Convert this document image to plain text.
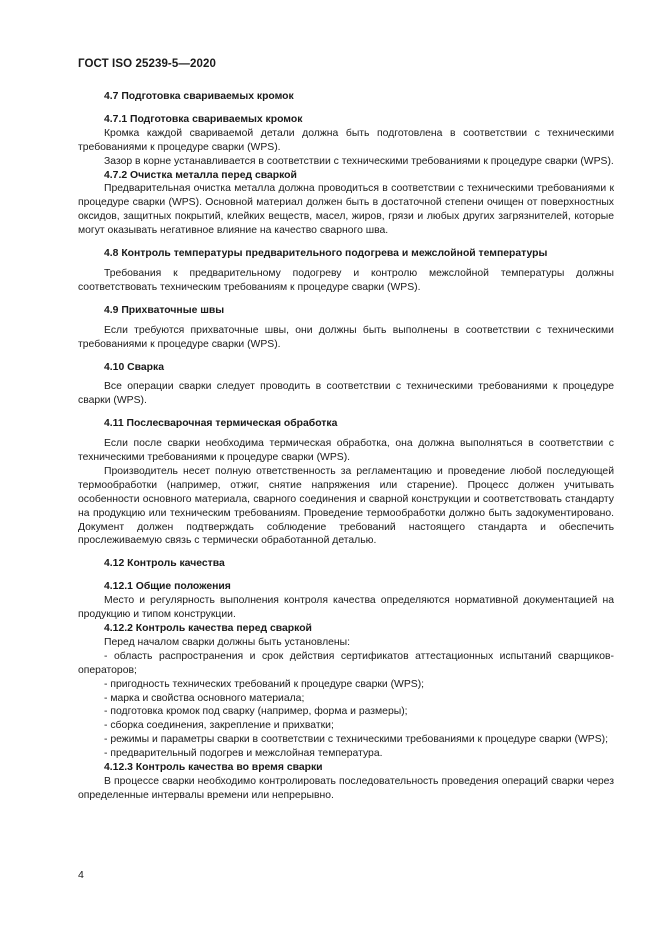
ГОСТ ISO 25239-5—2020
4.7 Подготовка свариваемых кромок
4.7.1 Подготовка свариваемых кромок

Кромка каждой свариваемой детали должна быть подготовлена в соответствии с техническими требованиями к процедуре сварки (WPS).

Зазор в корне устанавливается в соответствии с техническими требованиями к процедуре сварки (WPS).

4.7.2 Очистка металла перед сваркой

Предварительная очистка металла должна проводиться в соответствии с техническими требованиями к процедуре сварки (WPS). Основной материал должен быть в достаточной степени очищен от поверхностных оксидов, защитных покрытий, клейких веществ, масел, жиров, грязи и любых других загрязнителей, которые могут оказывать негативное влияние на качество сварного шва.

4.8 Контроль температуры предварительного подогрева и межслойной температуры

Требования к предварительному подогреву и контролю межслойной температуры должны соответствовать техническим требованиям к процедуре сварки (WPS).

4.9 Прихваточные швы

Если требуются прихваточные швы, они должны быть выполнены в соответствии с техническими требованиями к процедуре сварки (WPS).

4.10 Сварка

Все операции сварки следует проводить в соответствии с техническими требованиями к процедуре сварки (WPS).

4.11 Послесварочная термическая обработка

Если после сварки необходима термическая обработка, она должна выполняться в соответствии с техническими требованиями к процедуре сварки (WPS).

Производитель несет полную ответственность за регламентацию и проведение любой последующей термообработки (например, отжиг, снятие напряжения или старение). Процесс должен учитывать особенности основного материала, сварного соединения и сварной конструкции и соответствовать стандарту на продукцию или техническим требованиям. Проведение термообработки должно быть задокументировано. Документ должен подтверждать соблюдение требований настоящего стандарта и обеспечить прослеживаемую связь с термически обработанной деталью.

4.12 Контроль качества
4.12.1 Общие положения

Место и регулярность выполнения контроля качества определяются нормативной документацией на продукцию и типом конструкции.

4.12.2 Контроль качества перед сваркой

Перед началом сварки должны быть установлены:

- область распространения и срок действия сертификатов аттестационных испытаний сварщиков-операторов;

- пригодность технических требований к процедуре сварки (WPS);

- марка и свойства основного материала;

- подготовка кромок под сварку (например, форма и размеры);

- сборка соединения, закрепление и прихватки;

- режимы и параметры сварки в соответствии с техническими требованиями к процедуре сварки (WPS);

- предварительный подогрев и межслойная температура.

4.12.3 Контроль качества во время сварки

В процессе сварки необходимо контролировать последовательность проведения операций сварки через определенные интервалы времени или непрерывно.

4
